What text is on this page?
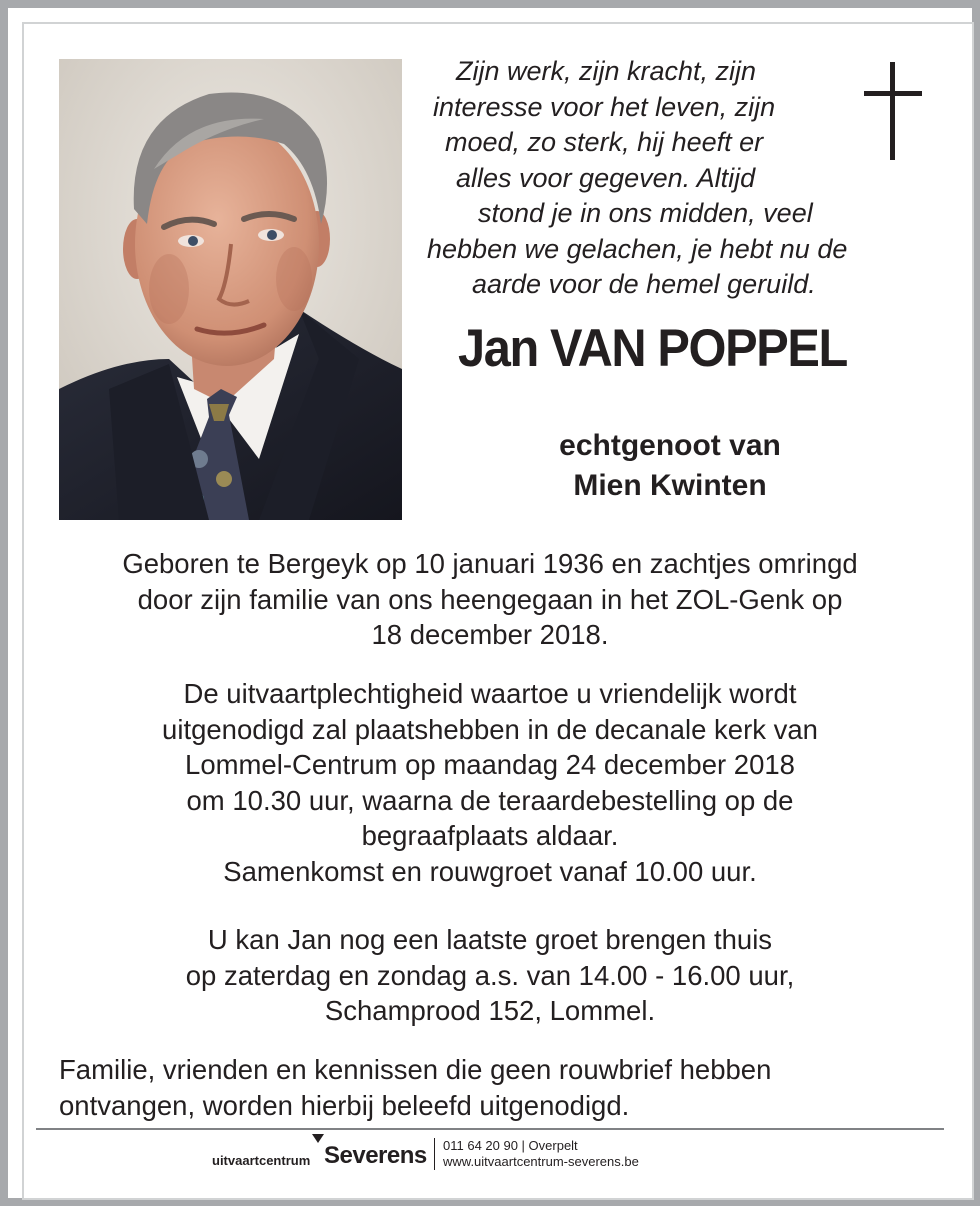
Zijn werk, zijn kracht, zijn
interesse voor het leven, zijn
moed, zo sterk, hij heeft er
alles voor gegeven. Altijd
stond je in ons midden, veel
hebben we gelachen, je hebt nu de
aarde voor de hemel geruild.
Jan VAN POPPEL
echtgenoot van
Mien Kwinten
Geboren te Bergeyk op 10 januari 1936 en zachtjes omringd
door zijn familie van ons heengegaan in het ZOL-Genk op
18 december 2018.
De uitvaartplechtigheid waartoe u vriendelijk wordt
uitgenodigd zal plaatshebben in de decanale kerk van
Lommel-Centrum op maandag 24 december 2018
om 10.30 uur, waarna de teraardebestelling op de
begraafplaats aldaar.
Samenkomst en rouwgroet vanaf 10.00 uur.
U kan Jan nog een laatste groet brengen thuis
op zaterdag en zondag a.s. van 14.00 - 16.00 uur,
Schamprood 152, Lommel.
Familie, vrienden en kennissen die geen rouwbrief hebben
ontvangen, worden hierbij beleefd uitgenodigd.
uitvaartcentrum Severens 011 64 20 90 | Overpelt
www.uitvaartcentrum-severens.be
